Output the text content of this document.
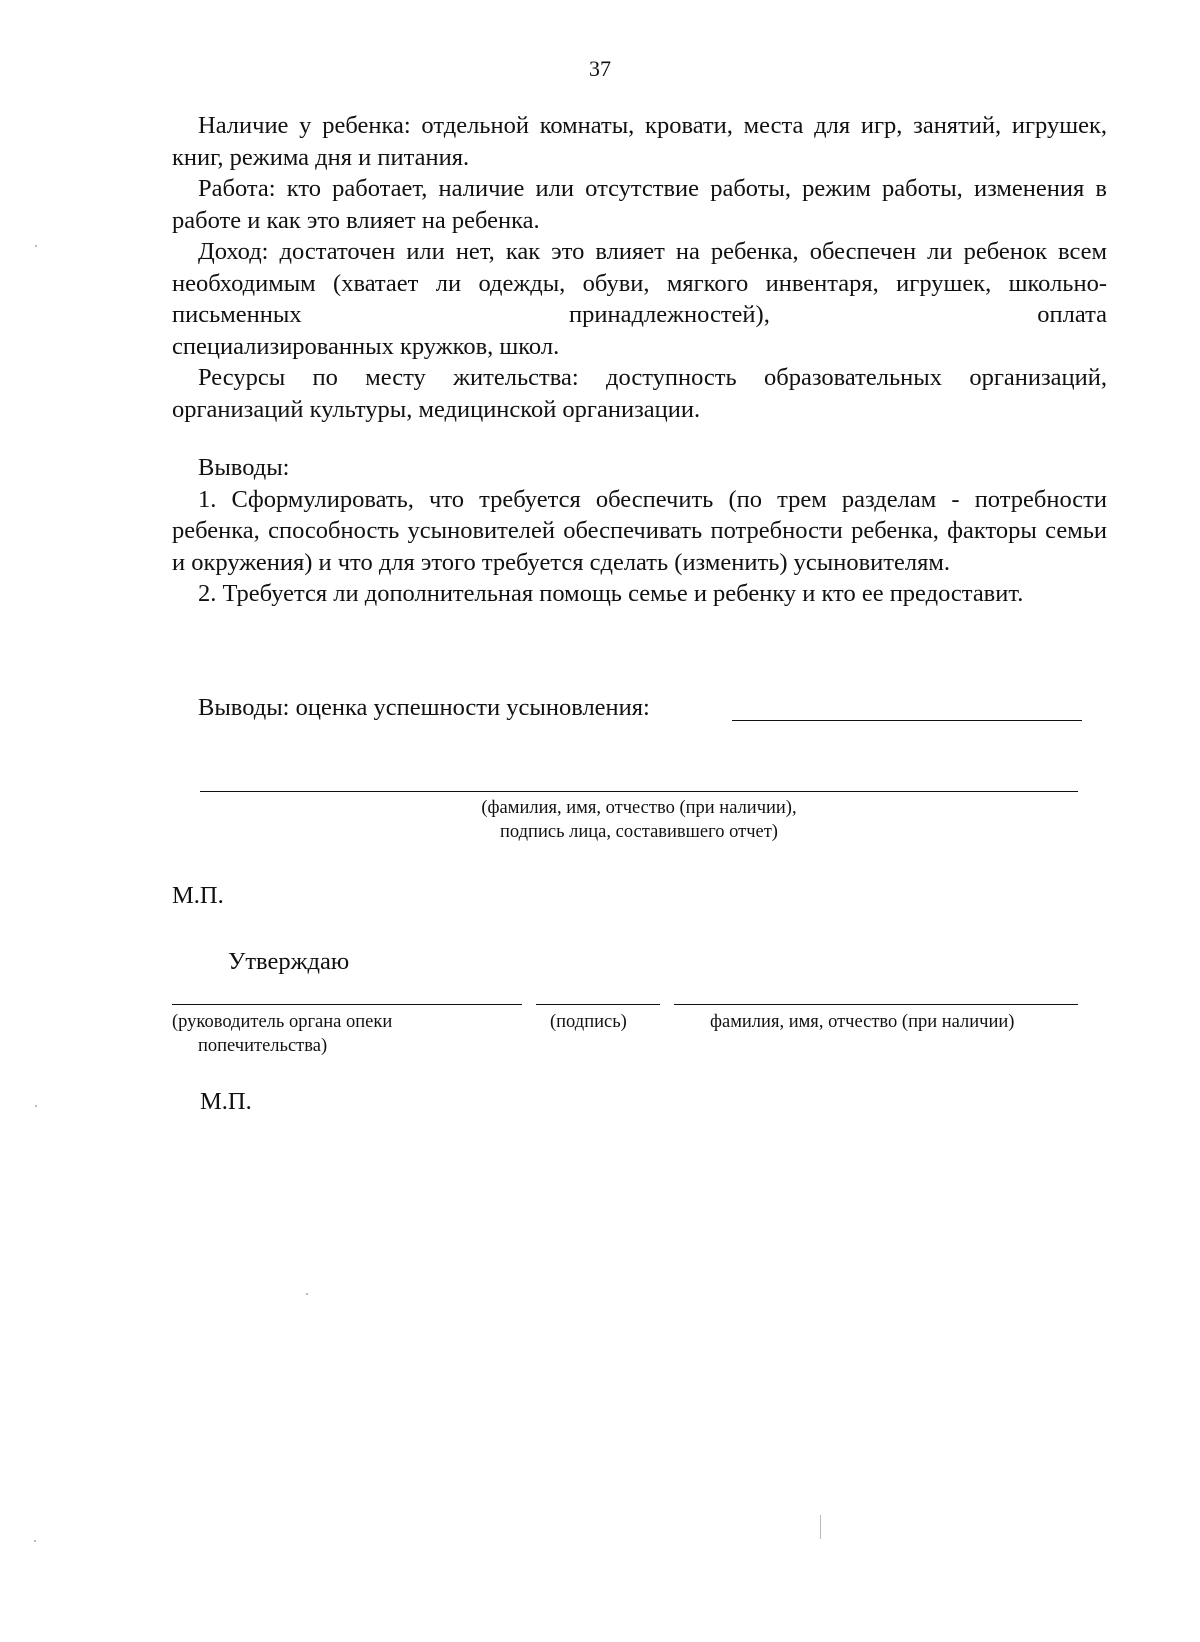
37

Наличие у ребенка: отдельной комнаты, кровати, места для игр, занятий, игрушек, книг, режима дня и питания.

Работа: кто работает, наличие или отсутствие работы, режим работы, изменения в работе и как это влияет на ребенка.

Доход: достаточен или нет, как это влияет на ребенка, обеспечен ли ребенок всем необходимым (хватает ли одежды, обуви, мягкого инвентаря, игрушек, школьно-письменных принадлежностей), оплата

специализированных кружков, школ.

Ресурсы по месту жительства: доступность образовательных организаций, организаций культуры, медицинской организации.

Выводы:

1. Сформулировать, что требуется обеспечить (по трем разделам - потребности ребенка, способность усыновителей обеспечивать потребности ребенка, факторы семьи и окружения) и что для этого требуется сделать (изменить) усыновителям.

2. Требуется ли дополнительная помощь семье и ребенку и кто ее предоставит.

Выводы: оценка успешности усыновления:
(фамилия, имя, отчество (при наличии),
подпись лица, составившего отчет)
М.П.
Утверждаю
(руководитель органа опеки
попечительства)
(подпись)	фамилия, имя, отчество (при наличии)
М.П.
